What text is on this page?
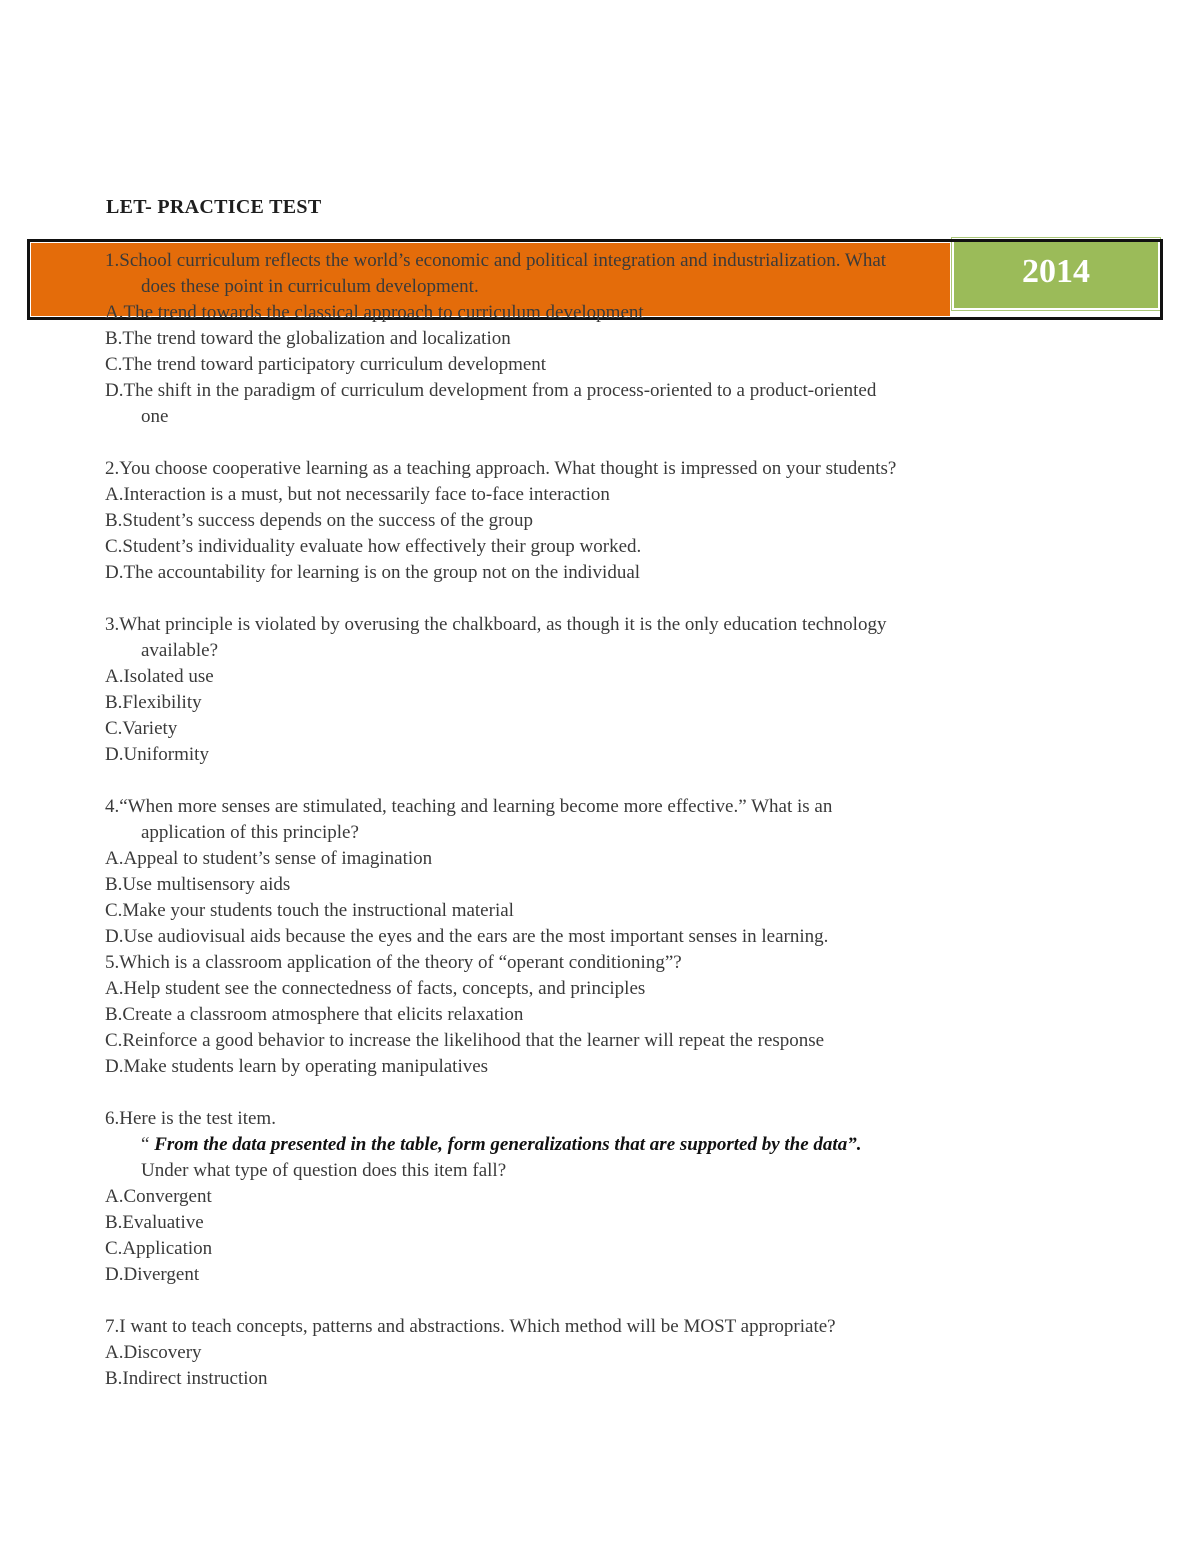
LET- PRACTICE TEST
2014
1.School curriculum reflects the world’s economic and political integration and industrialization. What
does these point in curriculum development.
A.The trend towards the classical approach to curriculum development
B.The trend toward the globalization and localization
C.The trend toward participatory curriculum development
D.The shift in the paradigm of curriculum development from a process-oriented to a product-oriented
one
2.You choose cooperative learning as a teaching approach. What thought is impressed on your students?
A.Interaction is a must, but not necessarily face to-face interaction
B.Student’s success depends on the success of the group
C.Student’s individuality evaluate how effectively their group worked.
D.The accountability for learning is on the group not on the individual
3.What principle is violated by overusing the chalkboard, as though it is the only education technology
available?
A.Isolated use
B.Flexibility
C.Variety
D.Uniformity
4.“When more senses are stimulated, teaching and learning become more effective.” What is an
application of this principle?
A.Appeal to student’s sense of imagination
B.Use multisensory aids
C.Make your students touch the instructional material
D.Use audiovisual aids because the eyes and the ears are the most important senses in learning.
5.Which is a classroom application of the theory of “operant conditioning”?
A.Help student see the connectedness of facts, concepts, and principles
B.Create a classroom atmosphere that elicits relaxation
C.Reinforce a good behavior to increase the likelihood that the learner will repeat the response
D.Make students learn by operating manipulatives
6.Here is the test item.
“ From the data presented in the table, form generalizations that are supported by the data”.
Under what type of question does this item fall?
A.Convergent
B.Evaluative
C.Application
D.Divergent
7.I want to teach concepts, patterns and abstractions. Which method will be MOST appropriate?
A.Discovery
B.Indirect instruction
